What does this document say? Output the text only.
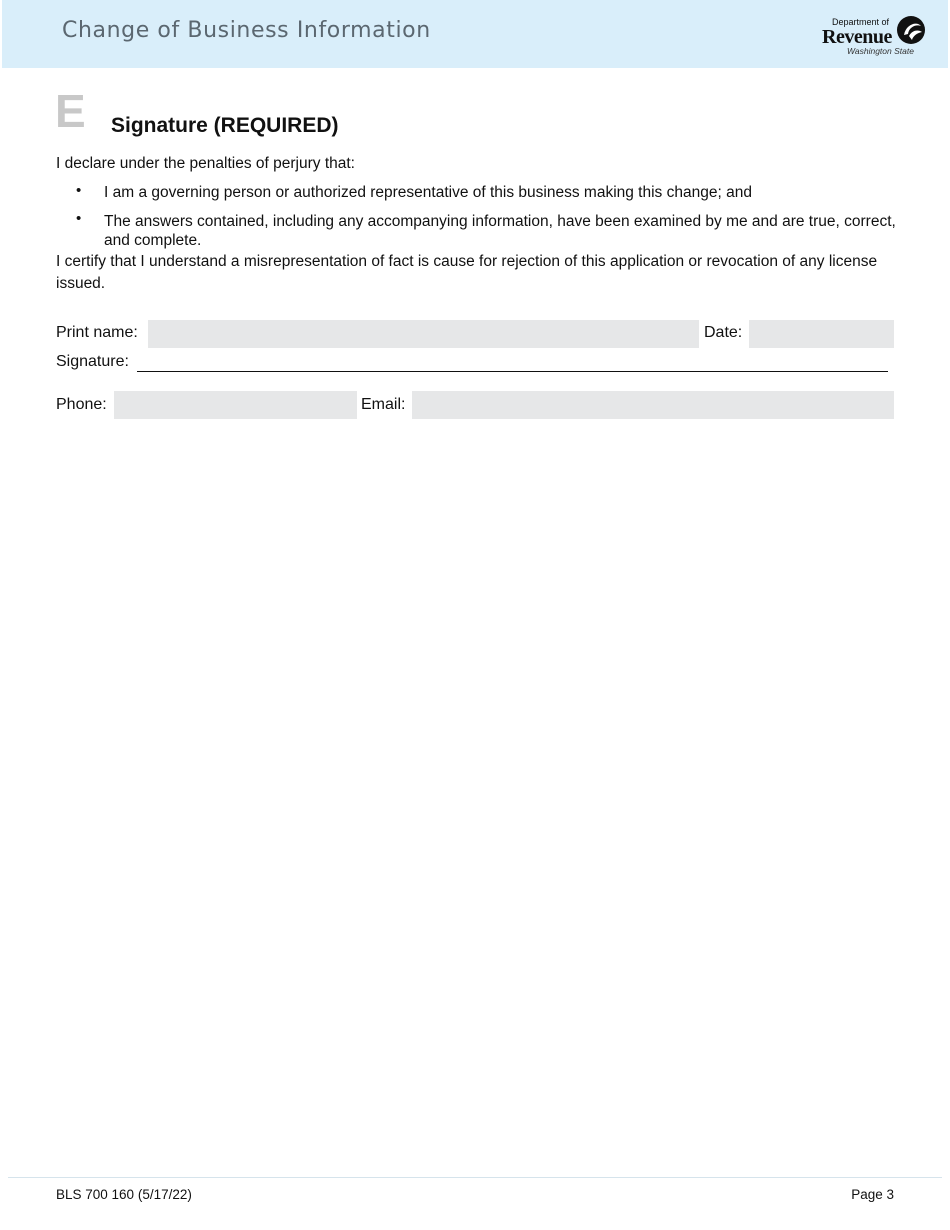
Change of Business Information	Department of
Revenue
Washington State
E Signature (REQUIRED)
I declare under the penalties of perjury that:
• I am a governing person or authorized representative of this business making this change; and
• The answers contained, including any accompanying information, have been examined by me and are true, correct, and complete.
I certify that I understand a misrepresentation of fact is cause for rejection of this application or revocation of any license issued.
Print name:	Date:
Signature:
Phone:	Email:
BLS 700 160 (5/17/22)	Page 3
